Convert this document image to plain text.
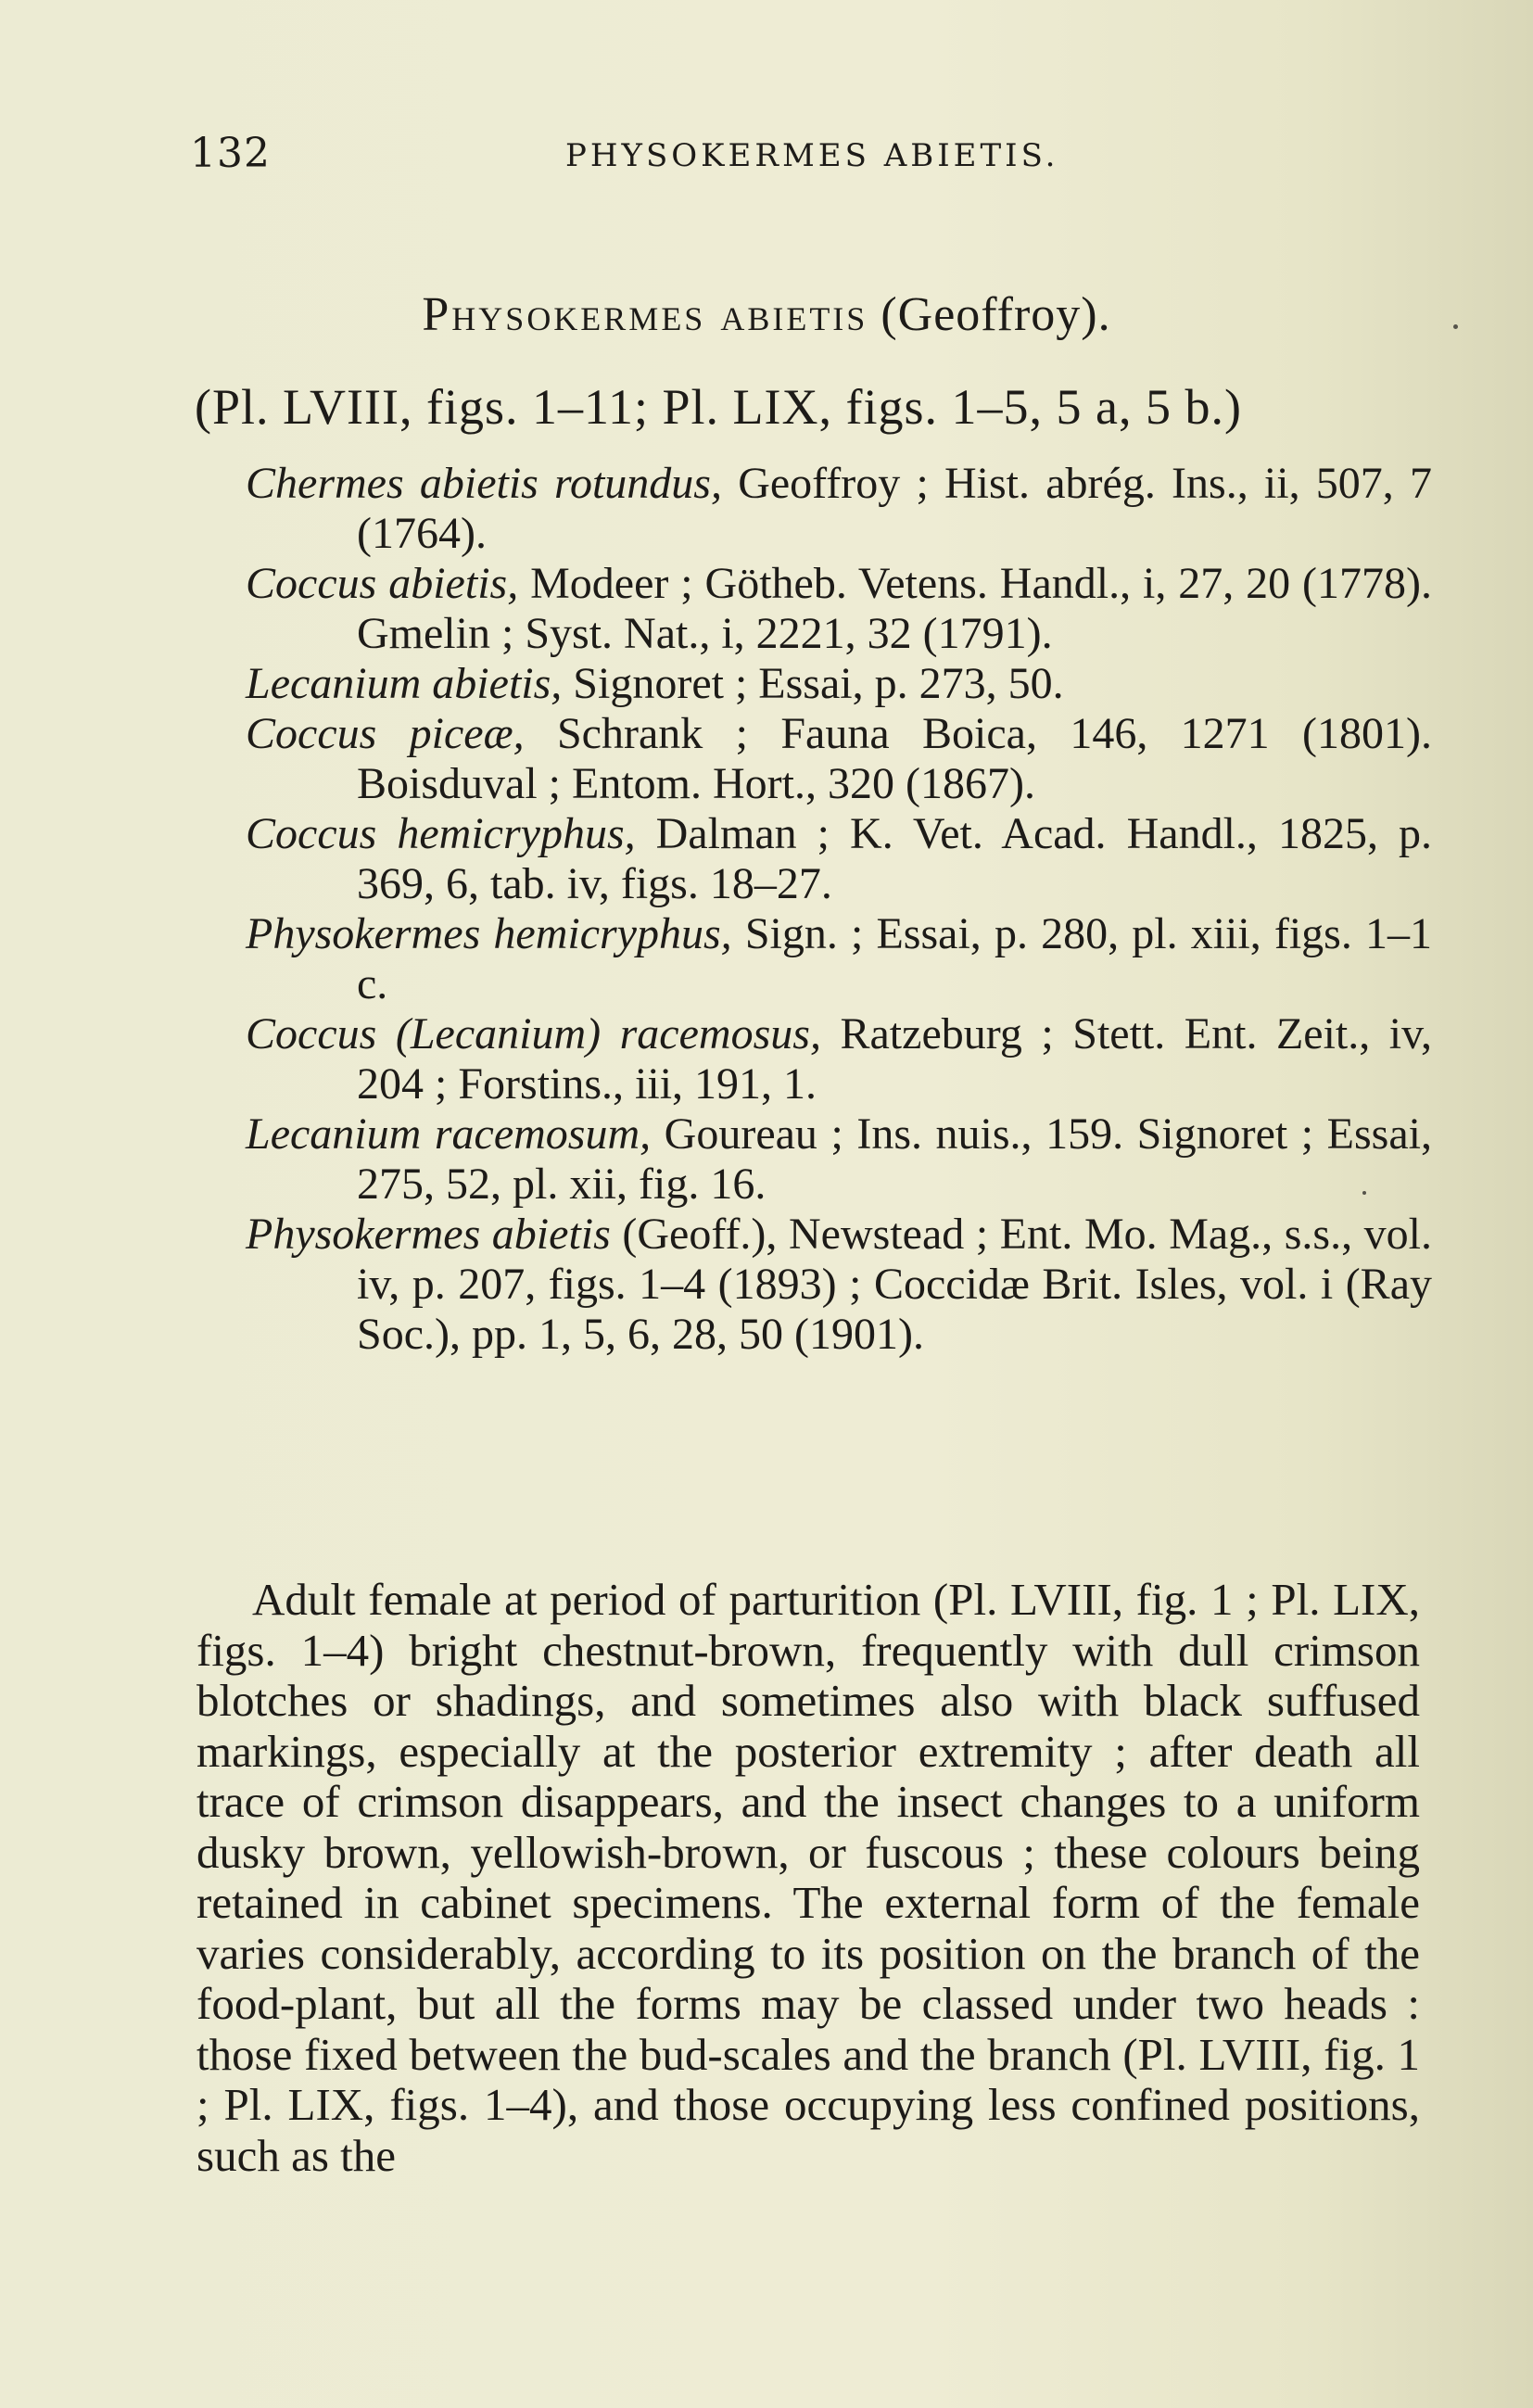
132	PHYSOKERMES ABIETIS.
Physokermes abietis (Geoffroy).
(Pl. LVIII, figs. 1–11; Pl. LIX, figs. 1–5, 5 a, 5 b.)

Chermes abietis rotundus, Geoffroy ; Hist. abrég. Ins., ii, 507, 7 (1764).

Coccus abietis, Modeer ; Götheb. Vetens. Handl., i, 27, 20 (1778). Gmelin ; Syst. Nat., i, 2221, 32 (1791).

Lecanium abietis, Signoret ; Essai, p. 273, 50.

Coccus piceæ, Schrank ; Fauna Boica, 146, 1271 (1801). Boisduval ; Entom. Hort., 320 (1867).

Coccus hemicryphus, Dalman ; K. Vet. Acad. Handl., 1825, p. 369, 6, tab. iv, figs. 18–27.

Physokermes hemicryphus, Sign. ; Essai, p. 280, pl. xiii, figs. 1–1 c.

Coccus (Lecanium) racemosus, Ratzeburg ; Stett. Ent. Zeit., iv, 204 ; Forstins., iii, 191, 1.

Lecanium racemosum, Goureau ; Ins. nuis., 159. Signoret ; Essai, 275, 52, pl. xii, fig. 16.

Physokermes abietis (Geoff.), Newstead ; Ent. Mo. Mag., s.s., vol. iv, p. 207, figs. 1–4 (1893) ; Coccidæ Brit. Isles, vol. i (Ray Soc.), pp. 1, 5, 6, 28, 50 (1901).

Adult female at period of parturition (Pl. LVIII, fig. 1 ; Pl. LIX, figs. 1–4) bright chestnut-brown, frequently with dull crimson blotches or shadings, and sometimes also with black suffused markings, especially at the posterior extremity ; after death all trace of crimson disappears, and the insect changes to a uniform dusky brown, yellowish-brown, or fuscous ; these colours being retained in cabinet specimens. The external form of the female varies considerably, according to its position on the branch of the food-plant, but all the forms may be classed under two heads : those fixed between the bud-scales and the branch (Pl. LVIII, fig. 1 ; Pl. LIX, figs. 1–4), and those occupying less confined positions, such as the
